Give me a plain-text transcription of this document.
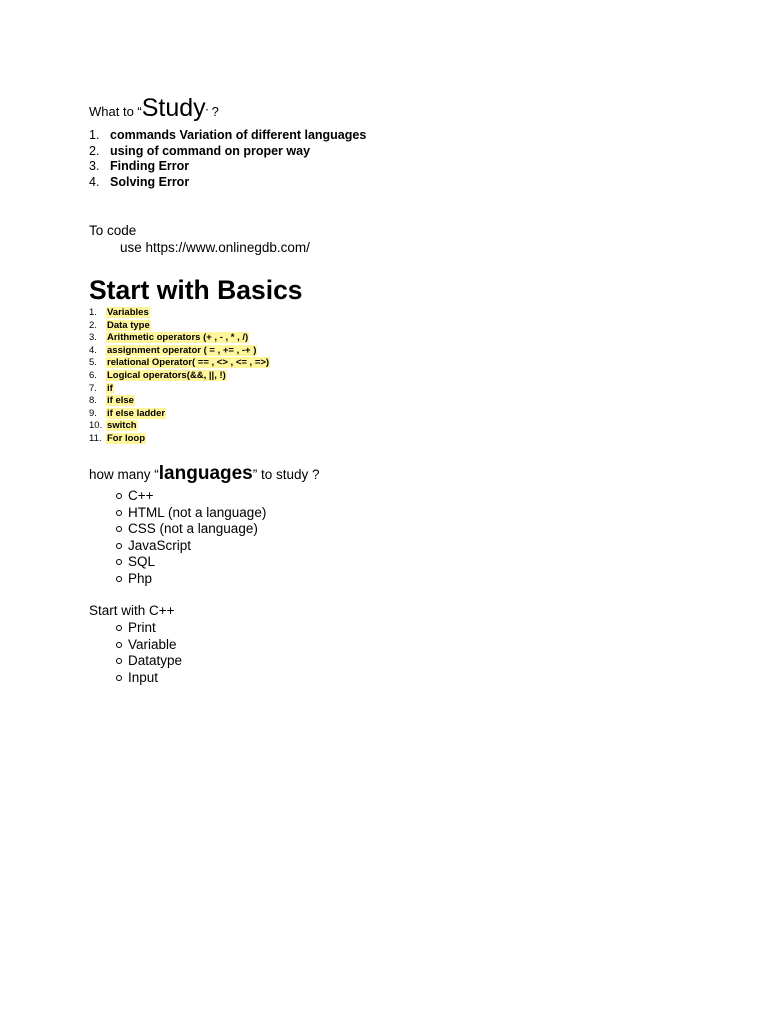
What to “Study” ?
1. commands Variation of different languages
2. using of command on proper way
3. Finding Error
4. Solving Error
To code
use https://www.onlinegdb.com/
Start with Basics
1. Variables
2. Data type
3. Arithmetic operators (+ , - , * , /)
4. assignment operator ( = , += , -+ )
5. relational Operator( == , <> , <= , =>)
6. Logical operators(&&, ||, !)
7. if
8. if else
9. if else ladder
10. switch
11. For loop
how many “languages” to study ?
C++
HTML (not a language)
CSS (not a language)
JavaScript
SQL
Php
Start with C++
Print
Variable
Datatype
Input
